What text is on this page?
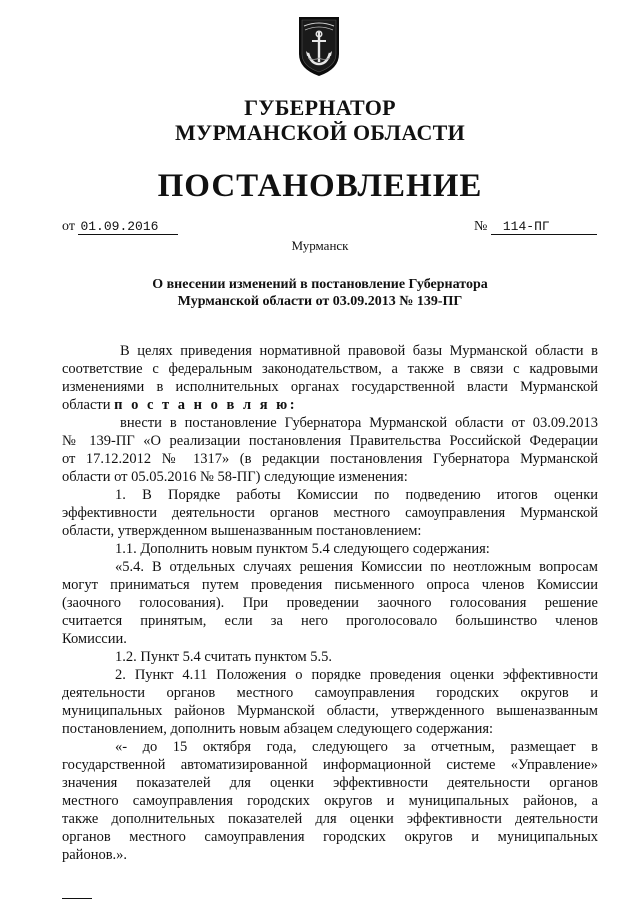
ГУБЕРНАТОР
МУРМАНСКОЙ ОБЛАСТИ
ПОСТАНОВЛЕНИЕ
от 01.09.2016	№ 114-ПГ
Мурманск
О внесении изменений в постановление Губернатора
Мурманской области от 03.09.2013 № 139-ПГ
В целях приведения нормативной правовой базы Мурманской области в
соответствие с федеральным законодательством, а также в связи с кадровыми
изменениями в исполнительных органах государственной власти Мурманской
области п о с т а н о в л я ю:
внести в постановление Губернатора Мурманской области от 03.09.2013
№ 139-ПГ «О реализации постановления Правительства Российской Федерации
от 17.12.2012 № 1317» (в редакции постановления Губернатора Мурманской
области от 05.05.2016 № 58-ПГ) следующие изменения:
1. В Порядке работы Комиссии по подведению итогов оценки
эффективности деятельности органов местного самоуправления Мурманской
области, утвержденном вышеназванным постановлением:
1.1. Дополнить новым пунктом 5.4 следующего содержания:
«5.4. В отдельных случаях решения Комиссии по неотложным вопросам
могут приниматься путем проведения письменного опроса членов Комиссии
(заочного голосования). При проведении заочного голосования решение
считается принятым, если за него проголосовало большинство членов
Комиссии.
1.2. Пункт 5.4 считать пунктом 5.5.
2. Пункт 4.11 Положения о порядке проведения оценки эффективности
деятельности органов местного самоуправления городских округов и
муниципальных районов Мурманской области, утвержденного вышеназванным
постановлением, дополнить новым абзацем следующего содержания:
«- до 15 октября года, следующего за отчетным, размещает в
государственной автоматизированной информационной системе «Управление»
значения показателей для оценки эффективности деятельности органов
местного самоуправления городских округов и муниципальных районов, а
также дополнительных показателей для оценки эффективности деятельности
органов местного самоуправления городских округов и муниципальных
районов.».
